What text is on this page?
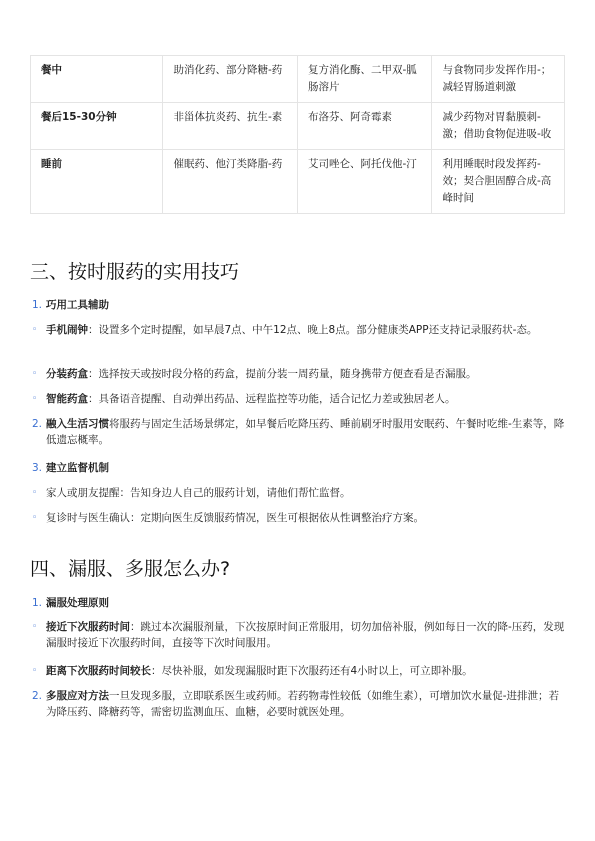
餐中	助消化药、部分降糖-药	复方消化酶、二甲双-胍肠溶片	与食物同步发挥作用-；减轻胃肠道刺激
餐后15-30分钟	非甾体抗炎药、抗生-素	布洛芬、阿奇霉素	减少药物对胃黏膜刺-激；借助食物促进吸-收
睡前	催眠药、他汀类降脂-药	艾司唑仑、阿托伐他-汀	利用睡眠时段发挥药-效；契合胆固醇合成-高峰时间
三、按时服药的实用技巧
1. 巧用工具辅助
◦ 手机闹钟：设置多个定时提醒，如早晨7点、中午12点、晚上8点。部分健康类APP还支持记录服药状-态。
◦ 分装药盒：选择按天或按时段分格的药盒，提前分装一周药量，随身携带方便查看是否漏服。
◦ 智能药盒：具备语音提醒、自动弹出药品、远程监控等功能，适合记忆力差或独居老人。
2. 融入生活习惯将服药与固定生活场景绑定，如早餐后吃降压药、睡前刷牙时服用安眠药、午餐时吃维-生素等，降低遗忘概率。
3. 建立监督机制
◦ 家人或朋友提醒：告知身边人自己的服药计划，请他们帮忙监督。
◦ 复诊时与医生确认：定期向医生反馈服药情况，医生可根据依从性调整治疗方案。
四、漏服、多服怎么办?
1. 漏服处理原则
◦ 接近下次服药时间：跳过本次漏服剂量，下次按原时间正常服用，切勿加倍补服，例如每日一次的降-压药，发现漏服时接近下次服药时间，直接等下次时间服用。
◦ 距离下次服药时间较长：尽快补服，如发现漏服时距下次服药还有4小时以上，可立即补服。
2. 多服应对方法一旦发现多服，立即联系医生或药师。若药物毒性较低（如维生素），可增加饮水量促-进排泄；若为降压药、降糖药等，需密切监测血压、血糖，必要时就医处理。
